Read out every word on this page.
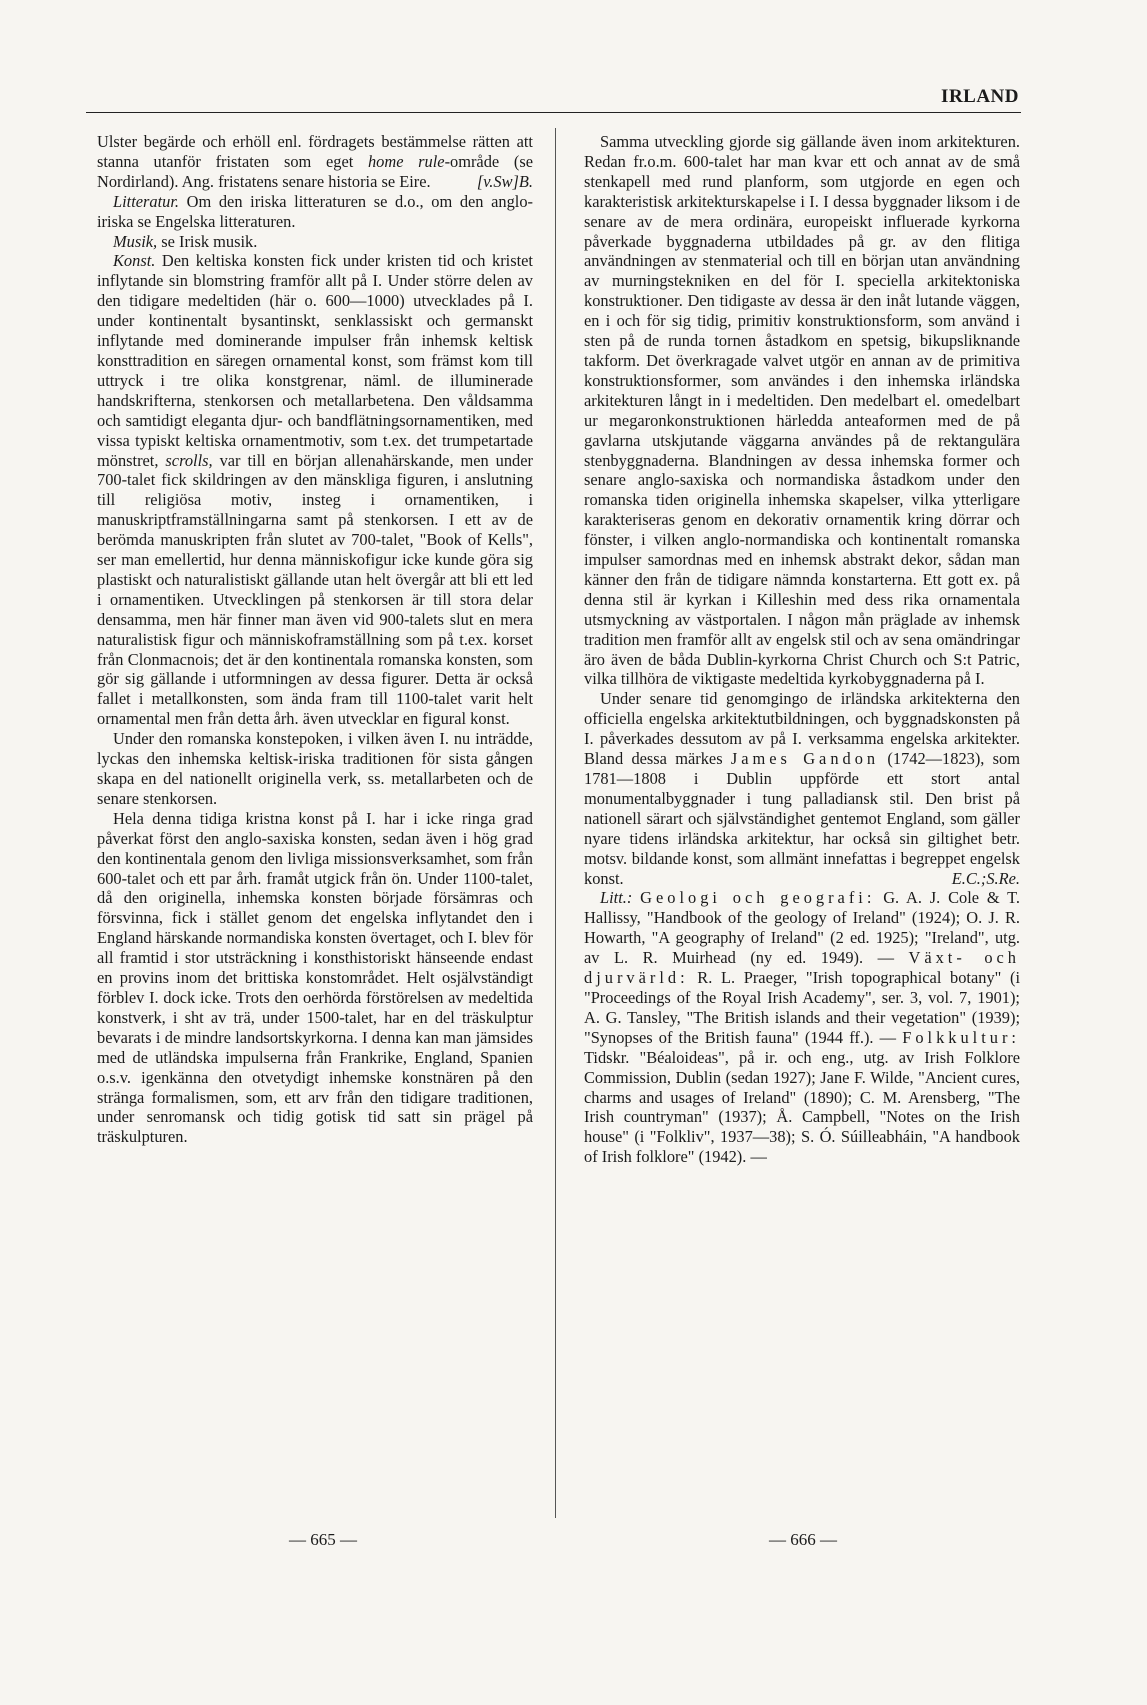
IRLAND

Ulster begärde och erhöll enl. fördragets bestämmelse rätten att stanna utanför fristaten som eget home rule-område (se Nordirland). Ang. fristatens senare historia se Eire.	[v.Sw]B.

Litteratur. Om den iriska litteraturen se d.o., om den anglo-iriska se Engelska litteraturen.

Musik, se Irisk musik.

Konst. Den keltiska konsten fick under kristen tid och kristet inflytande sin blomstring framför allt på I. Under större delen av den tidigare medeltiden (här o. 600—1000) utvecklades på I. under kontinentalt bysantinskt, senklassiskt och germanskt inflytande med dominerande impulser från inhemsk keltisk konsttradition en säregen ornamental konst, som främst kom till uttryck i tre olika konstgrenar, näml. de illuminerade handskrifterna, stenkorsen och metallarbetena. Den våldsamma och samtidigt eleganta djur- och bandflätningsornamentiken, med vissa typiskt keltiska ornamentmotiv, som t.ex. det trumpetartade mönstret, scrolls, var till en början allenahärskande, men under 700-talet fick skildringen av den mänskliga figuren, i anslutning till religiösa motiv, insteg i ornamentiken, i manuskriptframställningarna samt på stenkorsen. I ett av de berömda manuskripten från slutet av 700-talet, "Book of Kells", ser man emellertid, hur denna människofigur icke kunde göra sig plastiskt och naturalistiskt gällande utan helt övergår att bli ett led i ornamentiken. Utvecklingen på stenkorsen är till stora delar densamma, men här finner man även vid 900-talets slut en mera naturalistisk figur och människoframställning som på t.ex. korset från Clonmacnois; det är den kontinentala romanska konsten, som gör sig gällande i utformningen av dessa figurer. Detta är också fallet i metallkonsten, som ända fram till 1100-talet varit helt ornamental men från detta årh. även utvecklar en figural konst.

Under den romanska konstepoken, i vilken även I. nu inträdde, lyckas den inhemska keltisk-iriska traditionen för sista gången skapa en del nationellt originella verk, ss. metallarbeten och de senare stenkorsen.

Hela denna tidiga kristna konst på I. har i icke ringa grad påverkat först den anglo-saxiska konsten, sedan även i hög grad den kontinentala genom den livliga missionsverksamhet, som från 600-talet och ett par årh. framåt utgick från ön. Under 1100-talet, då den originella, inhemska konsten började försämras och försvinna, fick i stället genom det engelska inflytandet den i England härskande normandiska konsten övertaget, och I. blev för all framtid i stor utsträckning i konsthistoriskt hänseende endast en provins inom det brittiska konstområdet. Helt osjälvständigt förblev I. dock icke. Trots den oerhörda förstörelsen av medeltida konstverk, i sht av trä, under 1500-talet, har en del träskulptur bevarats i de mindre landsortskyrkorna. I denna kan man jämsides med de utländska impulserna från Frankrike, England, Spanien o.s.v. igenkänna den otvetydigt inhemske konstnären på den stränga formalismen, som, ett arv från den tidigare traditionen, under senromansk och tidig gotisk tid satt sin prägel på träskulpturen.

Samma utveckling gjorde sig gällande även inom arkitekturen. Redan fr.o.m. 600-talet har man kvar ett och annat av de små stenkapell med rund planform, som utgjorde en egen och karakteristisk arkitekturskapelse i I. I dessa byggnader liksom i de senare av de mera ordinära, europeiskt influerade kyrkorna påverkade byggnaderna utbildades på gr. av den flitiga användningen av stenmaterial och till en början utan användning av murningstekniken en del för I. speciella arkitektoniska konstruktioner. Den tidigaste av dessa är den inåt lutande väggen, en i och för sig tidig, primitiv konstruktionsform, som använd i sten på de runda tornen åstadkom en spetsig, bikupsliknande takform. Det överkragade valvet utgör en annan av de primitiva konstruktionsformer, som användes i den inhemska irländska arkitekturen långt in i medeltiden. Den medelbart el. omedelbart ur megaronkonstruktionen härledda anteaformen med de på gavlarna utskjutande väggarna användes på de rektangulära stenbyggnaderna. Blandningen av dessa inhemska former och senare anglo-saxiska och normandiska åstadkom under den romanska tiden originella inhemska skapelser, vilka ytterligare karakteriseras genom en dekorativ ornamentik kring dörrar och fönster, i vilken anglo-normandiska och kontinentalt romanska impulser samordnas med en inhemsk abstrakt dekor, sådan man känner den från de tidigare nämnda konstarterna. Ett gott ex. på denna stil är kyrkan i Killeshin med dess rika ornamentala utsmyckning av västportalen. I någon mån präglade av inhemsk tradition men framför allt av engelsk stil och av sena omändringar äro även de båda Dublin-kyrkorna Christ Church och S:t Patric, vilka tillhöra de viktigaste medeltida kyrkobyggnaderna på I.

Under senare tid genomgingo de irländska arkitekterna den officiella engelska arkitektutbildningen, och byggnadskonsten på I. påverkades dessutom av på I. verksamma engelska arkitekter. Bland dessa märkes James Gandon (1742—1823), som 1781—1808 i Dublin uppförde ett stort antal monumentalbyggnader i tung palladiansk stil. Den brist på nationell särart och självständighet gentemot England, som gäller nyare tidens irländska arkitektur, har också sin giltighet betr. motsv. bildande konst, som allmänt innefattas i begreppet engelsk konst.	E.C.;S.Re.

Litt.: Geologi och geografi: G. A. J. Cole & T. Hallissy, "Handbook of the geology of Ireland" (1924); O. J. R. Howarth, "A geography of Ireland" (2 ed. 1925); "Ireland", utg. av L. R. Muirhead (ny ed. 1949). — Växt- och djurvärld: R. L. Praeger, "Irish topographical botany" (i "Proceedings of the Royal Irish Academy", ser. 3, vol. 7, 1901); A. G. Tansley, "The British islands and their vegetation" (1939); "Synopses of the British fauna" (1944 ff.). — Folkkultur: Tidskr. "Béaloideas", på ir. och eng., utg. av Irish Folklore Commission, Dublin (sedan 1927); Jane F. Wilde, "Ancient cures, charms and usages of Ireland" (1890); C. M. Arensberg, "The Irish countryman" (1937); Å. Campbell, "Notes on the Irish house" (i "Folkliv", 1937—38); S. Ó. Súilleabháin, "A handbook of Irish folklore" (1942). —

— 665 —	— 666 —
